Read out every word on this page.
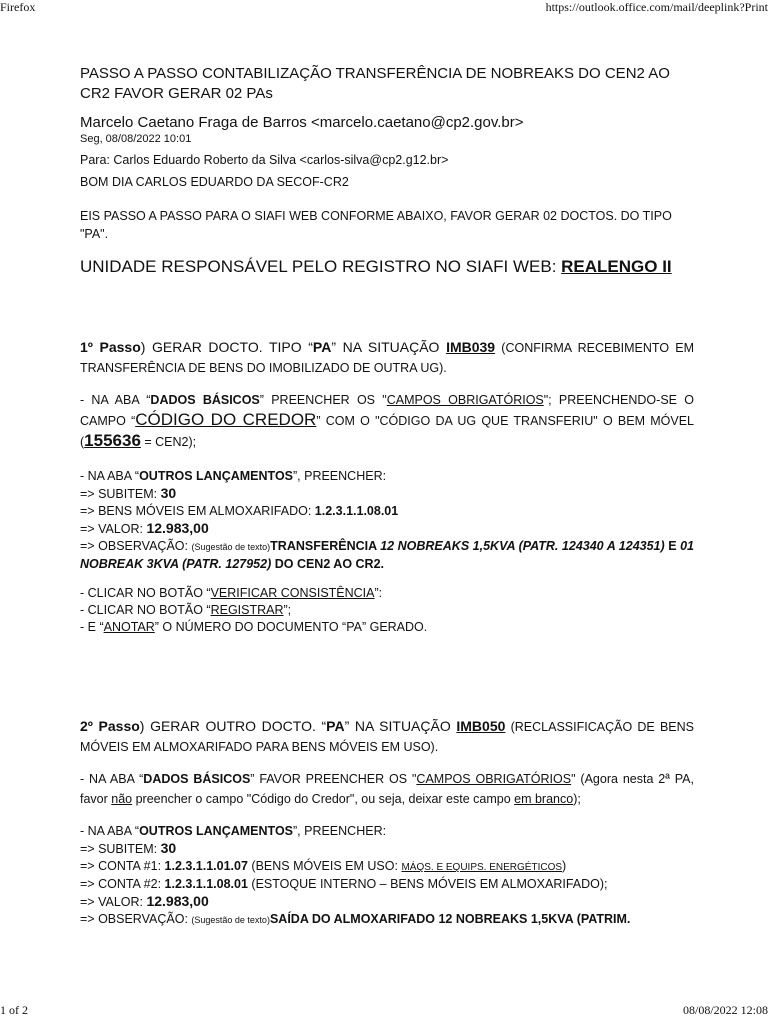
Firefox	https://outlook.office.com/mail/deeplink?Print

PASSO A PASSO CONTABILIZAÇÃO TRANSFERÊNCIA DE NOBREAKS DO CEN2 AO CR2 FAVOR GERAR 02 PAs

Marcelo Caetano Fraga de Barros <marcelo.caetano@cp2.gov.br>
Seg, 08/08/2022 10:01
Para: Carlos Eduardo Roberto da Silva <carlos-silva@cp2.g12.br>
BOM DIA CARLOS EDUARDO DA SECOF-CR2
EIS PASSO A PASSO PARA O SIAFI WEB CONFORME ABAIXO, FAVOR GERAR 02 DOCTOS. DO TIPO "PA".
UNIDADE RESPONSÁVEL PELO REGISTRO NO SIAFI WEB: REALENGO II
1º Passo) GERAR DOCTO. TIPO “PA” NA SITUAÇÃO IMB039 (CONFIRMA RECEBIMENTO EM TRANSFERÊNCIA DE BENS DO IMOBILIZADO DE OUTRA UG).
- NA ABA “DADOS BÁSICOS” PREENCHER OS "CAMPOS OBRIGATÓRIOS"; PREENCHENDO-SE O CAMPO “CÓDIGO DO CREDOR” COM O "CÓDIGO DA UG QUE TRANSFERIU" O BEM MÓVEL (155636 = CEN2);
- NA ABA “OUTROS LANÇAMENTOS”, PREENCHER:
=> SUBITEM: 30
=> BENS MÓVEIS EM ALMOXARIFADO: 1.2.3.1.1.08.01
=> VALOR: 12.983,00
=> OBSERVAÇÃO: (Sugestão de texto)TRANSFERÊNCIA 12 NOBREAKS 1,5KVA (PATR. 124340 A 124351) E 01 NOBREAK 3KVA (PATR. 127952) DO CEN2 AO CR2.
- CLICAR NO BOTÃO “VERIFICAR CONSISTÊNCIA”:
- CLICAR NO BOTÃO “REGISTRAR”;
- E “ANOTAR” O NÚMERO DO DOCUMENTO “PA” GERADO.
2º Passo) GERAR OUTRO DOCTO. “PA” NA SITUAÇÃO IMB050 (RECLASSIFICAÇÃO DE BENS MÓVEIS EM ALMOXARIFADO PARA BENS MÓVEIS EM USO).
- NA ABA “DADOS BÁSICOS” FAVOR PREENCHER OS "CAMPOS OBRIGATÓRIOS" (Agora nesta 2ª PA, favor não preencher o campo "Código do Credor", ou seja, deixar este campo em branco);
- NA ABA “OUTROS LANÇAMENTOS”, PREENCHER:
=> SUBITEM: 30
=> CONTA #1: 1.2.3.1.1.01.07 (BENS MÓVEIS EM USO: MÁQS. E EQUIPS. ENERGÉTICOS)
=> CONTA #2: 1.2.3.1.1.08.01 (ESTOQUE INTERNO – BENS MÓVEIS EM ALMOXARIFADO);
=> VALOR: 12.983,00
=> OBSERVAÇÃO: (Sugestão de texto)SAÍDA DO ALMOXARIFADO 12 NOBREAKS 1,5KVA (PATRIM.
1 of 2	08/08/2022 12:08
